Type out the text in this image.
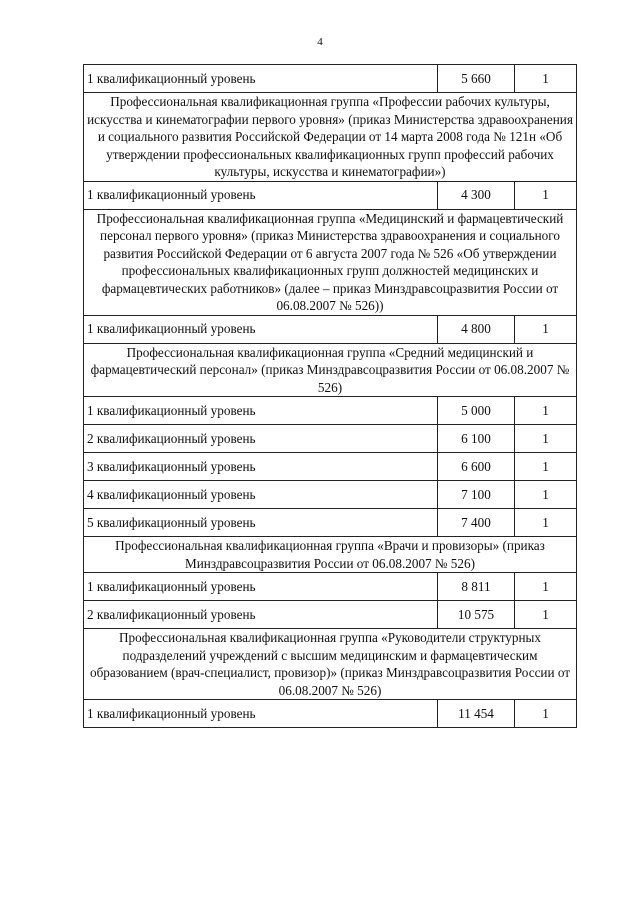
4
1 квалификационный уровень	5 660	1
Профессиональная квалификационная группа «Профессии рабочих культуры, искусства и кинематографии первого уровня» (приказ Министерства здравоохранения и социального развития Российской Федерации от 14 марта 2008 года № 121н «Об утверждении профессиональных квалификационных групп профессий рабочих культуры, искусства и кинематографии»)		
1 квалификационный уровень	4 300	1
Профессиональная квалификационная группа «Медицинский и фармацевтический персонал первого уровня» (приказ Министерства здравоохранения и социального развития Российской Федерации от 6 августа 2007 года № 526 «Об утверждении профессиональных квалификационных групп должностей медицинских и фармацевтических работников» (далее – приказ Минздравсоцразвития России от 06.08.2007 № 526))		
1 квалификационный уровень	4 800	1
Профессиональная квалификационная группа «Средний медицинский и фармацевтический персонал» (приказ Минздравсоцразвития России от 06.08.2007 № 526)		
1 квалификационный уровень	5 000	1
2 квалификационный уровень	6 100	1
3 квалификационный уровень	6 600	1
4 квалификационный уровень	7 100	1
5 квалификационный уровень	7 400	1
Профессиональная квалификационная группа «Врачи и провизоры» (приказ Минздравсоцразвития России от 06.08.2007 № 526)		
1 квалификационный уровень	8 811	1
2 квалификационный уровень	10 575	1
Профессиональная квалификационная группа «Руководители структурных подразделений учреждений с высшим медицинским и фармацевтическим образованием (врач-специалист, провизор)» (приказ Минздравсоцразвития России от 06.08.2007 № 526)		
1 квалификационный уровень	11 454	1
